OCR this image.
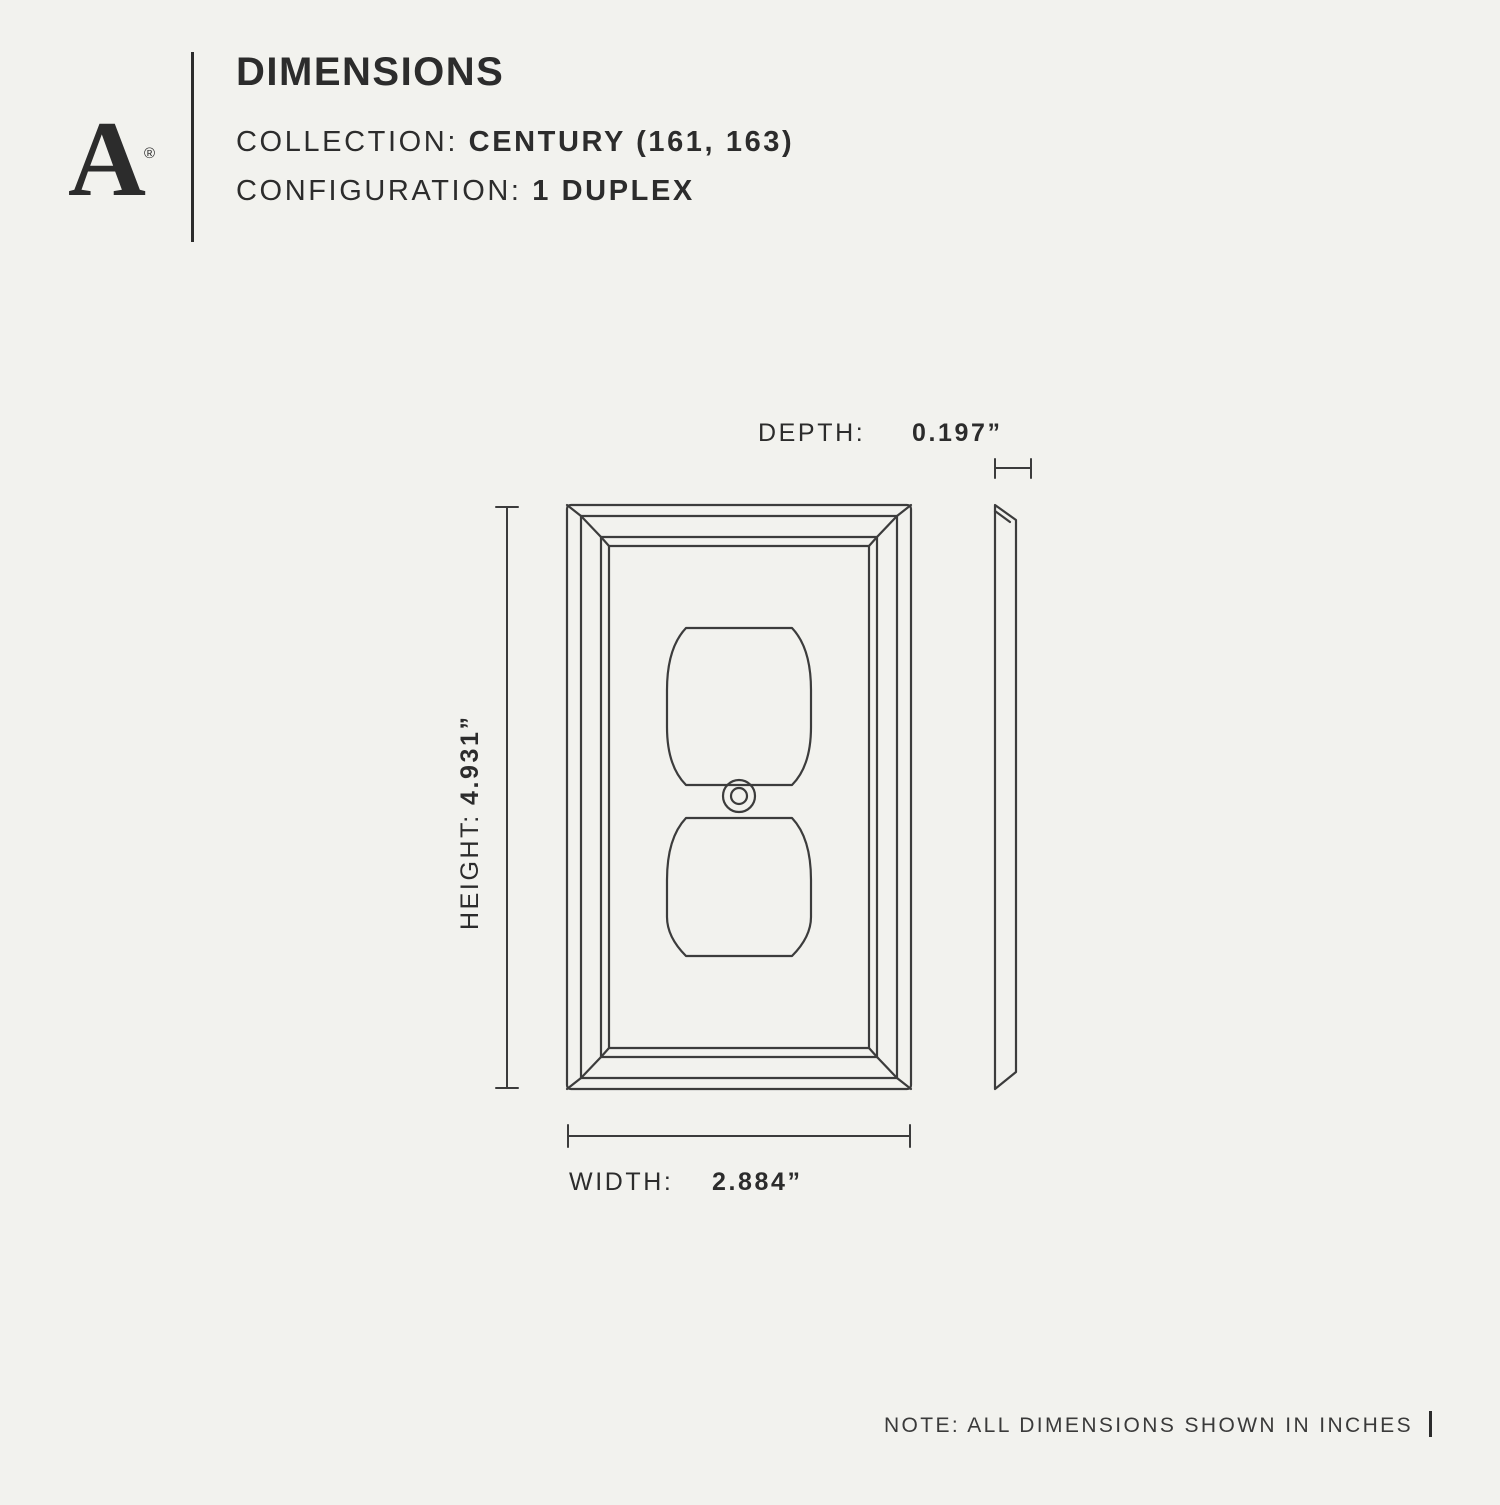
A®
DIMENSIONS
COLLECTION: CENTURY (161, 163)
CONFIGURATION: 1 DUPLEX
DEPTH: 0.197”
HEIGHT:
4.931”
WIDTH: 2.884”
NOTE: ALL DIMENSIONS SHOWN IN INCHES
